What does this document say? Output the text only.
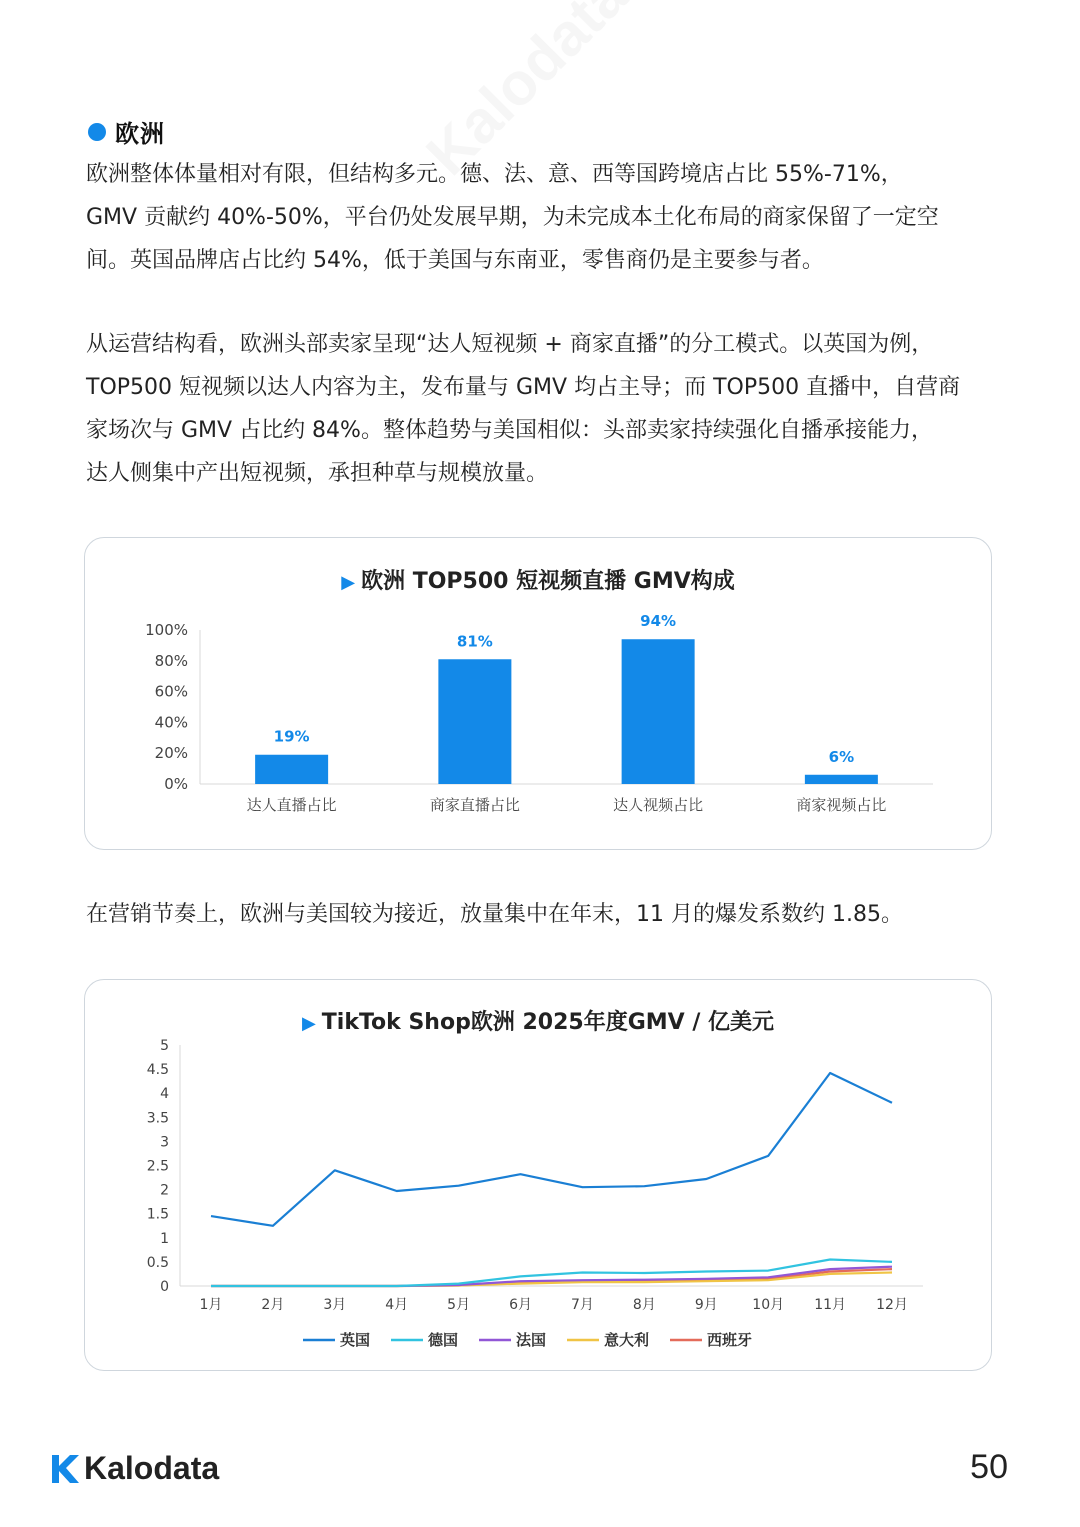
欧洲

欧洲整体体量相对有限，但结构多元。德、法、意、西等国跨境店占比 55%-71%，

GMV 贡献约 40%-50%，平台仍处发展早期，为未完成本土化布局的商家保留了一定空

间。英国品牌店占比约 54%，低于美国与东南亚，零售商仍是主要参与者。

从运营结构看，欧洲头部卖家呈现“达人短视频 + 商家直播”的分工模式。以英国为例，

TOP500 短视频以达人内容为主，发布量与 GMV 均占主导；而 TOP500 直播中，自营商

家场次与 GMV 占比约 84%。整体趋势与美国相似：头部卖家持续强化自播承接能力，

达人侧集中产出短视频，承担种草与规模放量。

▶ 欧洲 TOP500 短视频直播 GMV构成
0%
20%
40%
60%
80%
100%
19%
达人直播占比
81%
商家直播占比
94%
达人视频占比
6%
商家视频占比

在营销节奏上，欧洲与美国较为接近，放量集中在年末，11 月的爆发系数约 1.85。

▶ TikTok Shop欧洲 2025年度GMV / 亿美元
0
0.5
1
1.5
2
2.5
3
3.5
4
4.5
5
1月	2月	3月	4月	5月	6月	7月	8月	9月 10月 11月 12月
英国	德国	法国	意大利	西班牙
Kalodata	50
